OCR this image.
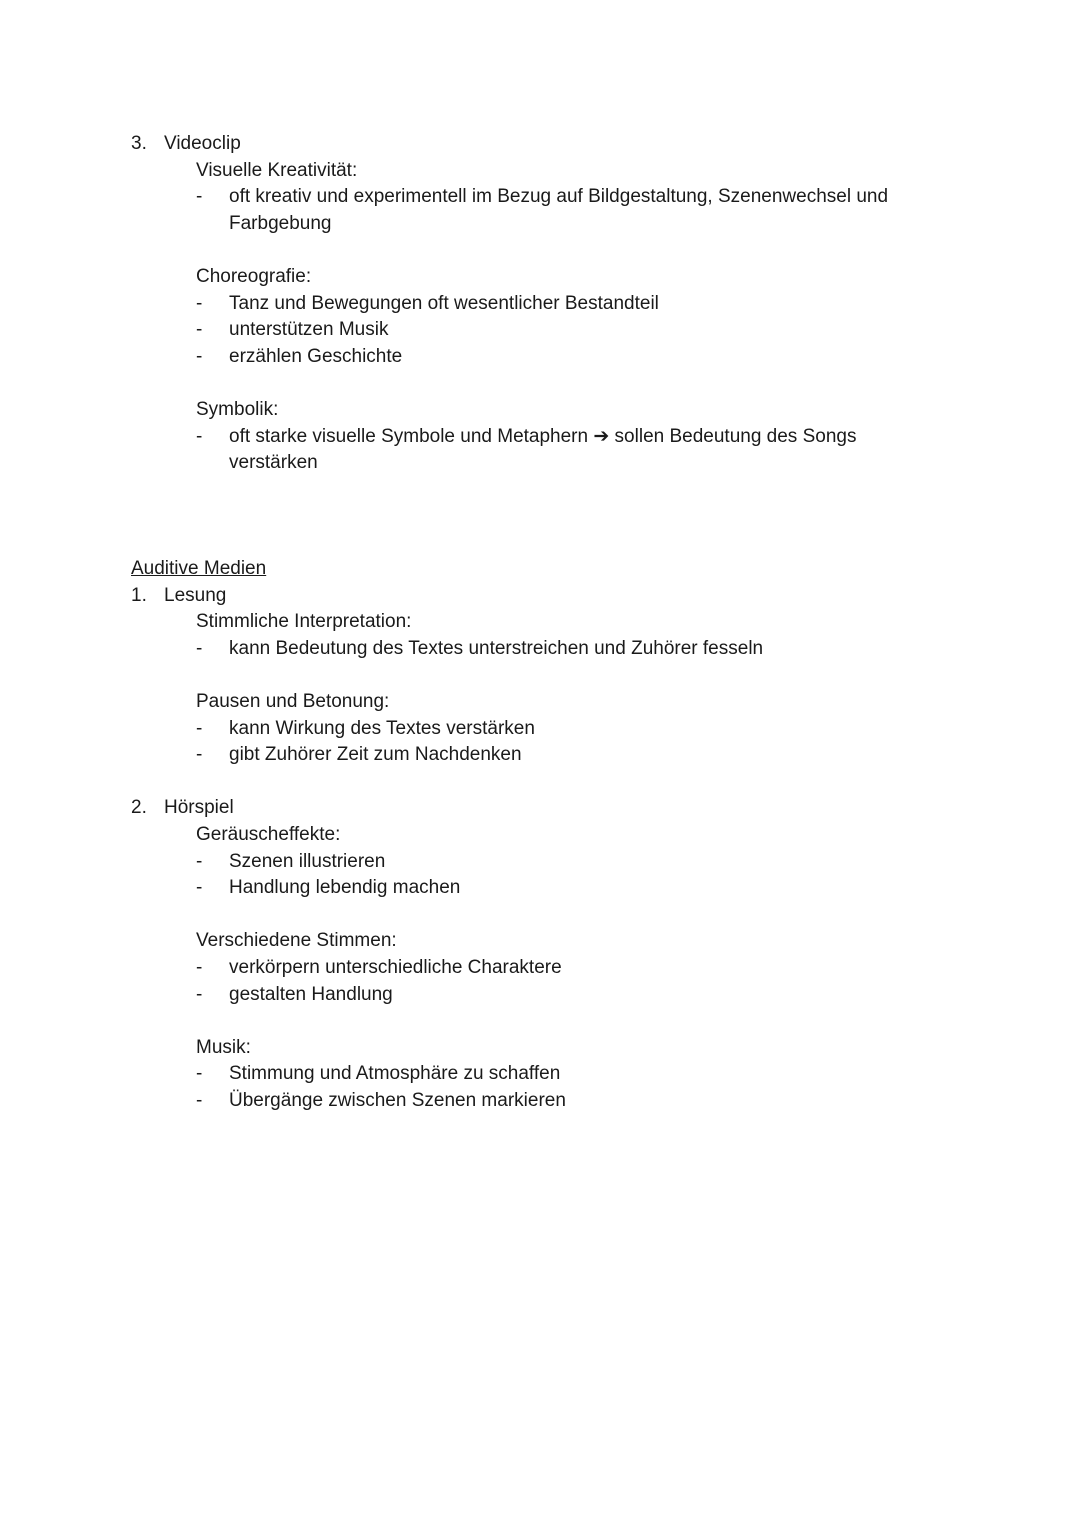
3. Videoclip
Visuelle Kreativität:
- oft kreativ und experimentell im Bezug auf Bildgestaltung, Szenenwechsel und Farbgebung
Choreografie:
- Tanz und Bewegungen oft wesentlicher Bestandteil
- unterstützen Musik
- erzählen Geschichte
Symbolik:
- oft starke visuelle Symbole und Metaphern ➔ sollen Bedeutung des Songs verstärken
Auditive Medien
1. Lesung
Stimmliche Interpretation:
- kann Bedeutung des Textes unterstreichen und Zuhörer fesseln
Pausen und Betonung:
- kann Wirkung des Textes verstärken
- gibt Zuhörer Zeit zum Nachdenken
2. Hörspiel
Geräuscheffekte:
- Szenen illustrieren
- Handlung lebendig machen
Verschiedene Stimmen:
- verkörpern unterschiedliche Charaktere
- gestalten Handlung
Musik:
- Stimmung und Atmosphäre zu schaffen
- Übergänge zwischen Szenen markieren
